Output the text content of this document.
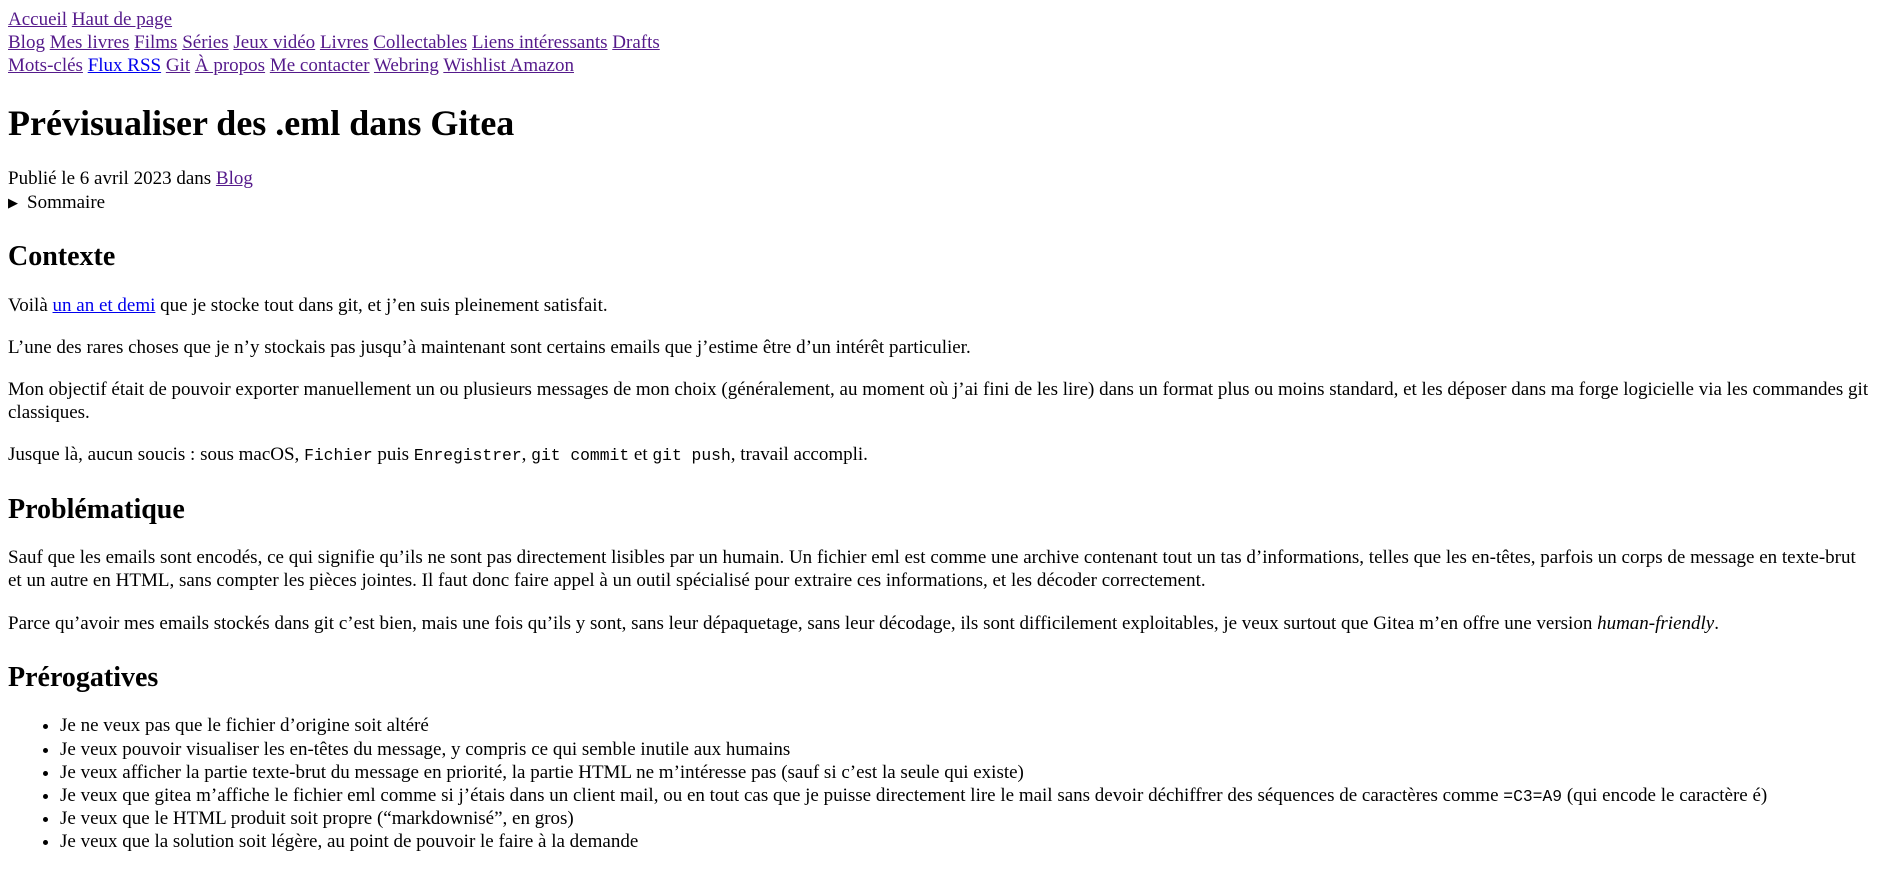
Accueil Haut de page
Blog Mes livres Films Séries Jeux vidéo Livres Collectables Liens intéressants Drafts
Mots-clés Flux RSS Git À propos Me contacter Webring Wishlist Amazon
Prévisualiser des .eml dans Gitea

Publié le 6 avril 2023 dans Blog

▶ Sommaire
Contexte

Voilà un an et demi que je stocke tout dans git, et j’en suis pleinement satisfait.

L’une des rares choses que je n’y stockais pas jusqu’à maintenant sont certains emails que j’estime être d’un intérêt particulier.

Mon objectif était de pouvoir exporter manuellement un ou plusieurs messages de mon choix (généralement, au moment où j’ai fini de les lire) dans un format plus ou moins standard, et les déposer dans ma forge logicielle via les commandes git classiques.

Jusque là, aucun soucis : sous macOS, Fichier puis Enregistrer, git commit et git push, travail accompli.

Problématique

Sauf que les emails sont encodés, ce qui signifie qu’ils ne sont pas directement lisibles par un humain. Un fichier eml est comme une archive contenant tout un tas d’informations, telles que les en-têtes, parfois un corps de message en texte-brut et un autre en HTML, sans compter les pièces jointes. Il faut donc faire appel à un outil spécialisé pour extraire ces informations, et les décoder correctement.

Parce qu’avoir mes emails stockés dans git c’est bien, mais une fois qu’ils y sont, sans leur dépaquetage, sans leur décodage, ils sont difficilement exploitables, je veux surtout que Gitea m’en offre une version human-friendly.

Prérogatives
• Je ne veux pas que le fichier d’origine soit altéré
• Je veux pouvoir visualiser les en-têtes du message, y compris ce qui semble inutile aux humains
• Je veux afficher la partie texte-brut du message en priorité, la partie HTML ne m’intéresse pas (sauf si c’est la seule qui existe)
• Je veux que gitea m’affiche le fichier eml comme si j’étais dans un client mail, ou en tout cas que je puisse directement lire le mail sans devoir déchiffrer des séquences de caractères comme =C3=A9 (qui encode le caractère é)
• Je veux que le HTML produit soit propre (“markdownisé”, en gros)
• Je veux que la solution soit légère, au point de pouvoir le faire à la demande
